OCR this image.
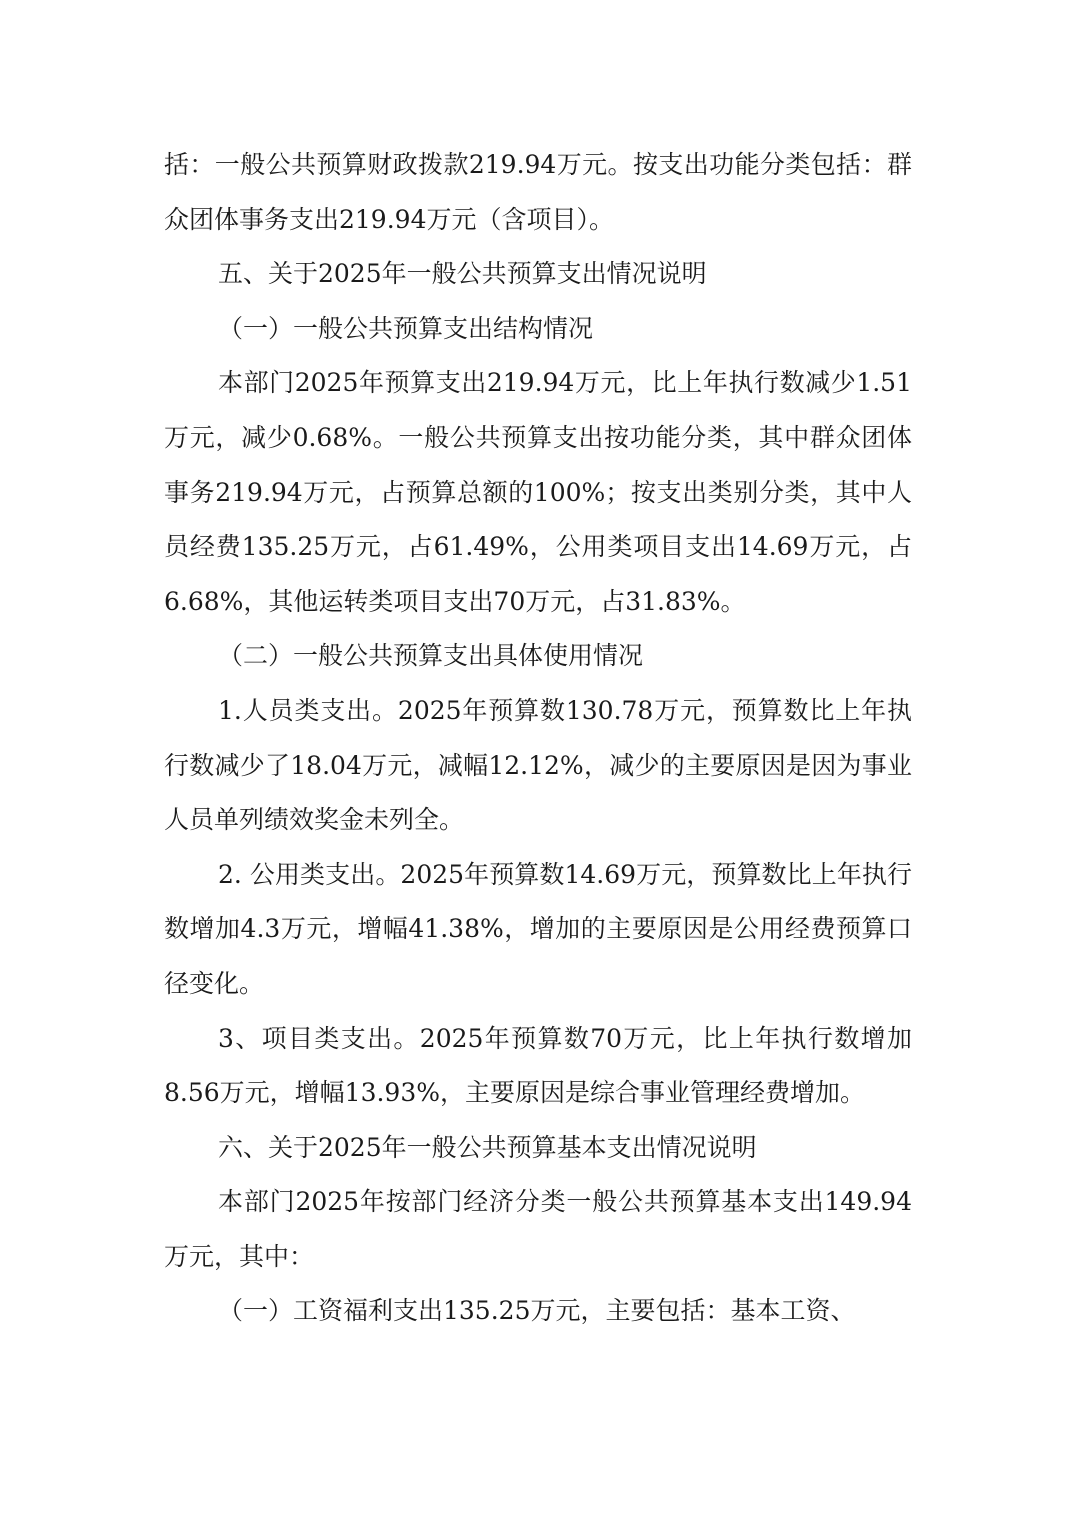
括：一般公共预算财政拨款219.94万元。按支出功能分类包括：群众团体事务支出219.94万元（含项目）。

五、关于2025年一般公共预算支出情况说明

（一）一般公共预算支出结构情况

本部门2025年预算支出219.94万元，比上年执行数减少1.51万元，减少0.68%。一般公共预算支出按功能分类，其中群众团体事务219.94万元，占预算总额的100%；按支出类别分类，其中人员经费135.25万元，占61.49%，公用类项目支出14.69万元，占6.68%，其他运转类项目支出70万元，占31.83%。

（二）一般公共预算支出具体使用情况

1.人员类支出。2025年预算数130.78万元，预算数比上年执行数减少了18.04万元，减幅12.12%，减少的主要原因是因为事业人员单列绩效奖金未列全。

2. 公用类支出。2025年预算数14.69万元，预算数比上年执行数增加4.3万元，增幅41.38%，增加的主要原因是公用经费预算口径变化。

3、项目类支出。2025年预算数70万元，比上年执行数增加8.56万元，增幅13.93%，主要原因是综合事业管理经费增加。

六、关于2025年一般公共预算基本支出情况说明

本部门2025年按部门经济分类一般公共预算基本支出149.94万元，其中：

（一）工资福利支出135.25万元，主要包括：基本工资、
